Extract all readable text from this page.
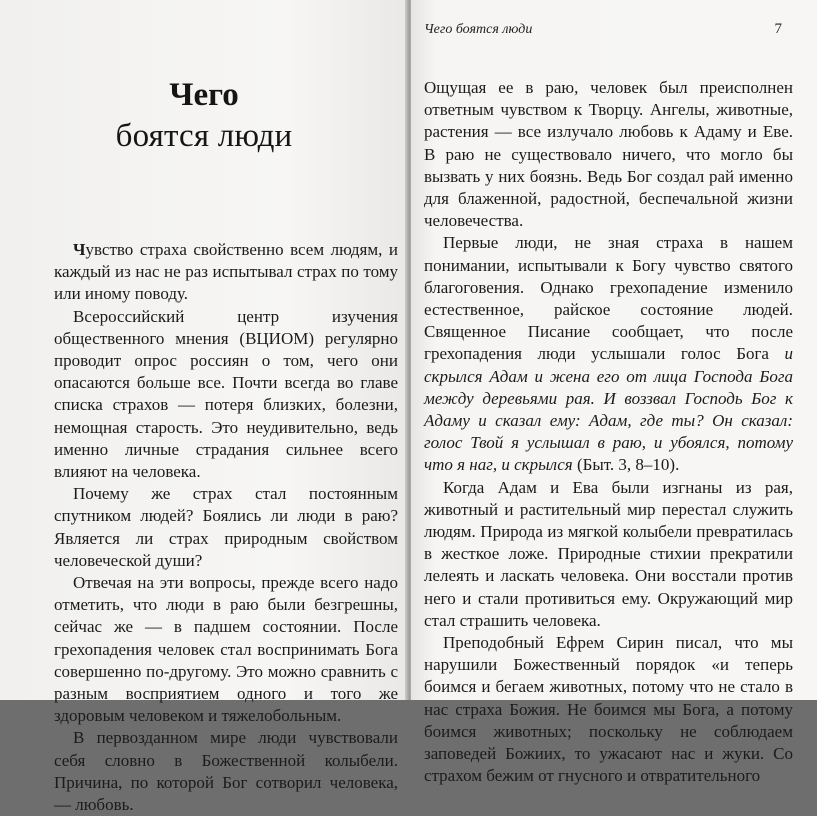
Чего
боятся люди

Чувство страха свойственно всем людям, и каждый из нас не раз испытывал страх по тому или иному поводу.

Всероссийский центр изучения общественного мнения (ВЦИОМ) регулярно проводит опрос россиян о том, чего они опасаются больше все. Почти всегда во главе списка страхов — потеря близких, болезни, немощная старость. Это неудивительно, ведь именно личные страдания сильнее всего влияют на человека.

Почему же страх стал постоянным спутником людей? Боялись ли люди в раю? Является ли страх природным свойством человеческой души?

Отвечая на эти вопросы, прежде всего надо отметить, что люди в раю были безгрешны, сейчас же — в падшем состоянии. После грехопадения человек стал воспринимать Бога совершенно по-другому. Это можно сравнить с разным восприятием одного и того же здоровым человеком и тяжелобольным.

В первозданном мире люди чувствовали себя словно в Божественной колыбели. Причина, по которой Бог сотворил человека, — любовь.

Чего боятся люди	7

Ощущая ее в раю, человек был преисполнен ответным чувством к Творцу. Ангелы, животные, растения — все излучало любовь к Адаму и Еве. В раю не существовало ничего, что могло бы вызвать у них боязнь. Ведь Бог создал рай именно для блаженной, радостной, беспечальной жизни человечества.

Первые люди, не зная страха в нашем понимании, испытывали к Богу чувство святого благоговения. Однако грехопадение изменило естественное, райское состояние людей. Священное Писание сообщает, что после грехопадения люди услышали голос Бога и скрылся Адам и жена его от лица Господа Бога между деревьями рая. И воззвал Господь Бог к Адаму и сказал ему: Адам, где ты? Он сказал: голос Твой я услышал в раю, и убоялся, потому что я наг, и скрылся (Быт. 3, 8–10).

Когда Адам и Ева были изгнаны из рая, животный и растительный мир перестал служить людям. Природа из мягкой колыбели превратилась в жесткое ложе. Природные стихии прекратили лелеять и ласкать человека. Они восстали против него и стали противиться ему. Окружающий мир стал страшить человека.

Преподобный Ефрем Сирин писал, что мы нарушили Божественный порядок «и теперь боимся и бегаем животных, потому что не стало в нас страха Божия. Не боимся мы Бога, а потому боимся животных; поскольку не соблюдаем заповедей Божиих, то ужасают нас и жуки. Со страхом бежим от гнусного и отвратительного
